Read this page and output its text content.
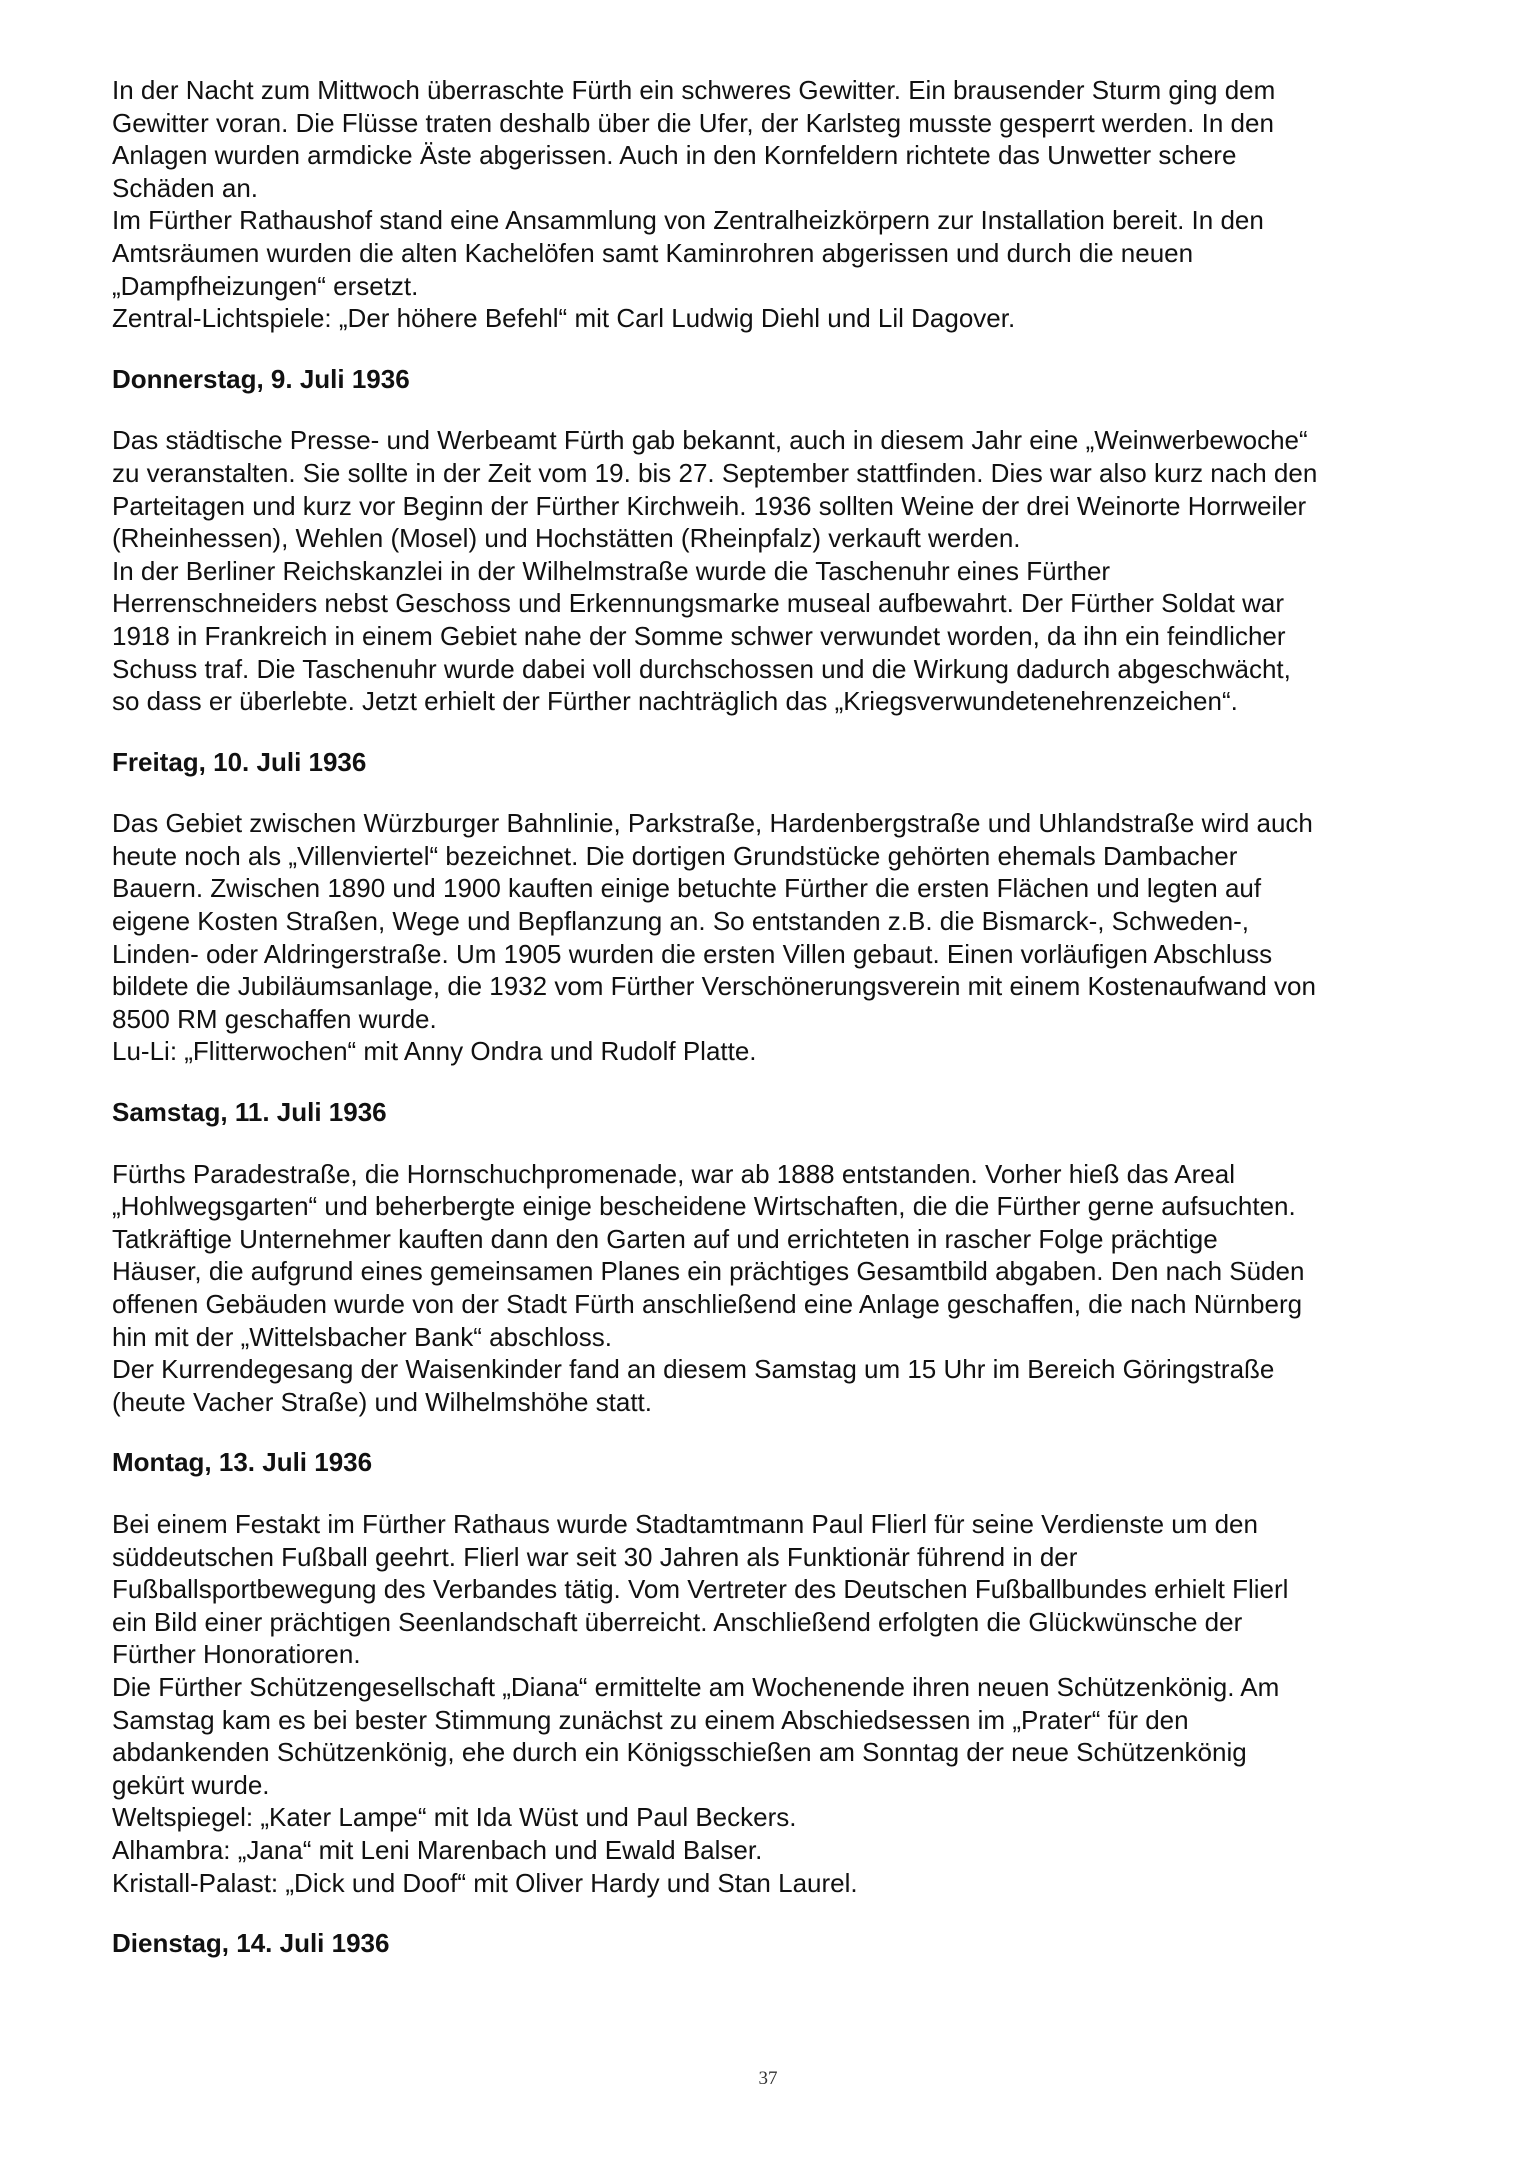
In der Nacht zum Mittwoch überraschte Fürth ein schweres Gewitter. Ein brausender Sturm ging dem
Gewitter voran. Die Flüsse traten deshalb über die Ufer, der Karlsteg musste gesperrt werden. In den
Anlagen wurden armdicke Äste abgerissen. Auch in den Kornfeldern richtete das Unwetter schere
Schäden an.

Im Fürther Rathaushof stand eine Ansammlung von Zentralheizkörpern zur Installation bereit. In den
Amtsräumen wurden die alten Kachelöfen samt Kaminrohren abgerissen und durch die neuen
„Dampfheizungen“ ersetzt.

Zentral-Lichtspiele: „Der höhere Befehl“ mit Carl Ludwig Diehl und Lil Dagover.

Donnerstag, 9. Juli 1936

Das städtische Presse- und Werbeamt Fürth gab bekannt, auch in diesem Jahr eine „Weinwerbewoche“
zu veranstalten. Sie sollte in der Zeit vom 19. bis 27. September stattfinden. Dies war also kurz nach den
Parteitagen und kurz vor Beginn der Fürther Kirchweih. 1936 sollten Weine der drei Weinorte Horrweiler
(Rheinhessen), Wehlen (Mosel) und Hochstätten (Rheinpfalz) verkauft werden.

In der Berliner Reichskanzlei in der Wilhelmstraße wurde die Taschenuhr eines Fürther
Herrenschneiders nebst Geschoss und Erkennungsmarke museal aufbewahrt. Der Fürther Soldat war
1918 in Frankreich in einem Gebiet nahe der Somme schwer verwundet worden, da ihn ein feindlicher
Schuss traf. Die Taschenuhr wurde dabei voll durchschossen und die Wirkung dadurch abgeschwächt,
so dass er überlebte. Jetzt erhielt der Fürther nachträglich das „Kriegsverwundetenehrenzeichen“.

Freitag, 10. Juli 1936

Das Gebiet zwischen Würzburger Bahnlinie, Parkstraße, Hardenbergstraße und Uhlandstraße wird auch
heute noch als „Villenviertel“ bezeichnet. Die dortigen Grundstücke gehörten ehemals Dambacher
Bauern. Zwischen 1890 und 1900 kauften einige betuchte Fürther die ersten Flächen und legten auf
eigene Kosten Straßen, Wege und Bepflanzung an. So entstanden z.B. die Bismarck-, Schweden-,
Linden- oder Aldringerstraße. Um 1905 wurden die ersten Villen gebaut. Einen vorläufigen Abschluss
bildete die Jubiläumsanlage, die 1932 vom Fürther Verschönerungsverein mit einem Kostenaufwand von
8500 RM geschaffen wurde.

Lu-Li: „Flitterwochen“ mit Anny Ondra und Rudolf Platte.

Samstag, 11. Juli 1936

Fürths Paradestraße, die Hornschuchpromenade, war ab 1888 entstanden. Vorher hieß das Areal
„Hohlwegsgarten“ und beherbergte einige bescheidene Wirtschaften, die die Fürther gerne aufsuchten.
Tatkräftige Unternehmer kauften dann den Garten auf und errichteten in rascher Folge prächtige
Häuser, die aufgrund eines gemeinsamen Planes ein prächtiges Gesamtbild abgaben. Den nach Süden
offenen Gebäuden wurde von der Stadt Fürth anschließend eine Anlage geschaffen, die nach Nürnberg
hin mit der „Wittelsbacher Bank“ abschloss.

Der Kurrendegesang der Waisenkinder fand an diesem Samstag um 15 Uhr im Bereich Göringstraße
(heute Vacher Straße) und Wilhelmshöhe statt.

Montag, 13. Juli 1936

Bei einem Festakt im Fürther Rathaus wurde Stadtamtmann Paul Flierl für seine Verdienste um den
süddeutschen Fußball geehrt. Flierl war seit 30 Jahren als Funktionär führend in der
Fußballsportbewegung des Verbandes tätig. Vom Vertreter des Deutschen Fußballbundes erhielt Flierl
ein Bild einer prächtigen Seenlandschaft überreicht. Anschließend erfolgten die Glückwünsche der
Fürther Honoratioren.

Die Fürther Schützengesellschaft „Diana“ ermittelte am Wochenende ihren neuen Schützenkönig. Am
Samstag kam es bei bester Stimmung zunächst zu einem Abschiedsessen im „Prater“ für den
abdankenden Schützenkönig, ehe durch ein Königsschießen am Sonntag der neue Schützenkönig
gekürt wurde.

Weltspiegel: „Kater Lampe“ mit Ida Wüst und Paul Beckers.

Alhambra: „Jana“ mit Leni Marenbach und Ewald Balser.

Kristall-Palast: „Dick und Doof“ mit Oliver Hardy und Stan Laurel.

Dienstag, 14. Juli 1936
37
